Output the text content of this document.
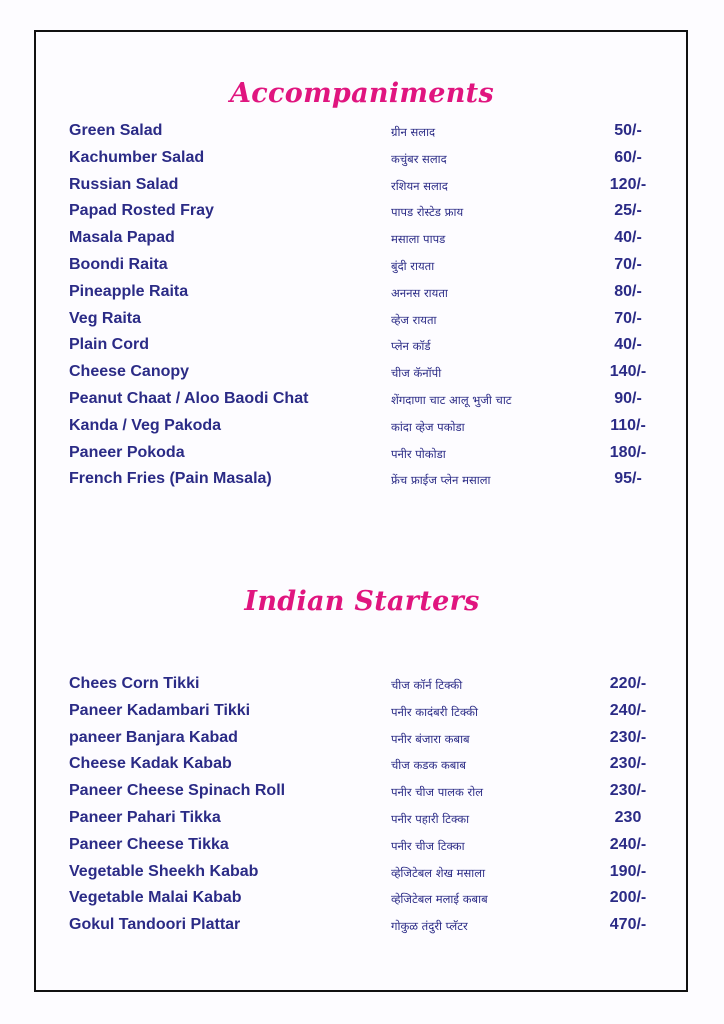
Accompaniments
Green Salad	ग्रीन सलाद	50/-
Kachumber Salad	कचुंबर सलाद	60/-
Russian Salad	रशियन सलाद	120/-
Papad Rosted Fray	पापड रोस्टेड फ्राय	25/-
Masala Papad	मसाला पापड	40/-
Boondi Raita	बुंदी रायता	70/-
Pineapple Raita	अननस रायता	80/-
Veg Raita	व्हेज रायता	70/-
Plain Cord	प्लेन कॉर्ड	40/-
Cheese Canopy	चीज कॅनॉपी	140/-
Peanut Chaat / Aloo Baodi Chat	शेंगदाणा चाट आलू भुजी चाट	90/-
Kanda / Veg Pakoda	कांदा व्हेज पकोडा	110/-
Paneer Pokoda	पनीर पोकोडा	180/-
French Fries (Pain Masala)	फ्रेंच फ्राईज प्लेन मसाला	95/-
Indian Starters
Chees Corn Tikki	चीज कॉर्न टिक्की	220/-
Paneer Kadambari Tikki	पनीर कादंबरी टिक्की	240/-
paneer Banjara Kabad	पनीर बंजारा कबाब	230/-
Cheese Kadak Kabab	चीज कडक कबाब	230/-
Paneer Cheese Spinach Roll	पनीर चीज पालक रोल	230/-
Paneer Pahari Tikka	पनीर पहारी टिक्का	230
Paneer Cheese Tikka	पनीर चीज टिक्का	240/-
Vegetable Sheekh Kabab	व्हेजिटेबल शेख मसाला	190/-
Vegetable Malai Kabab	व्हेजिटेबल मलाई कबाब	200/-
Gokul Tandoori Plattar	गोकुळ तंदुरी प्लॅटर	470/-
